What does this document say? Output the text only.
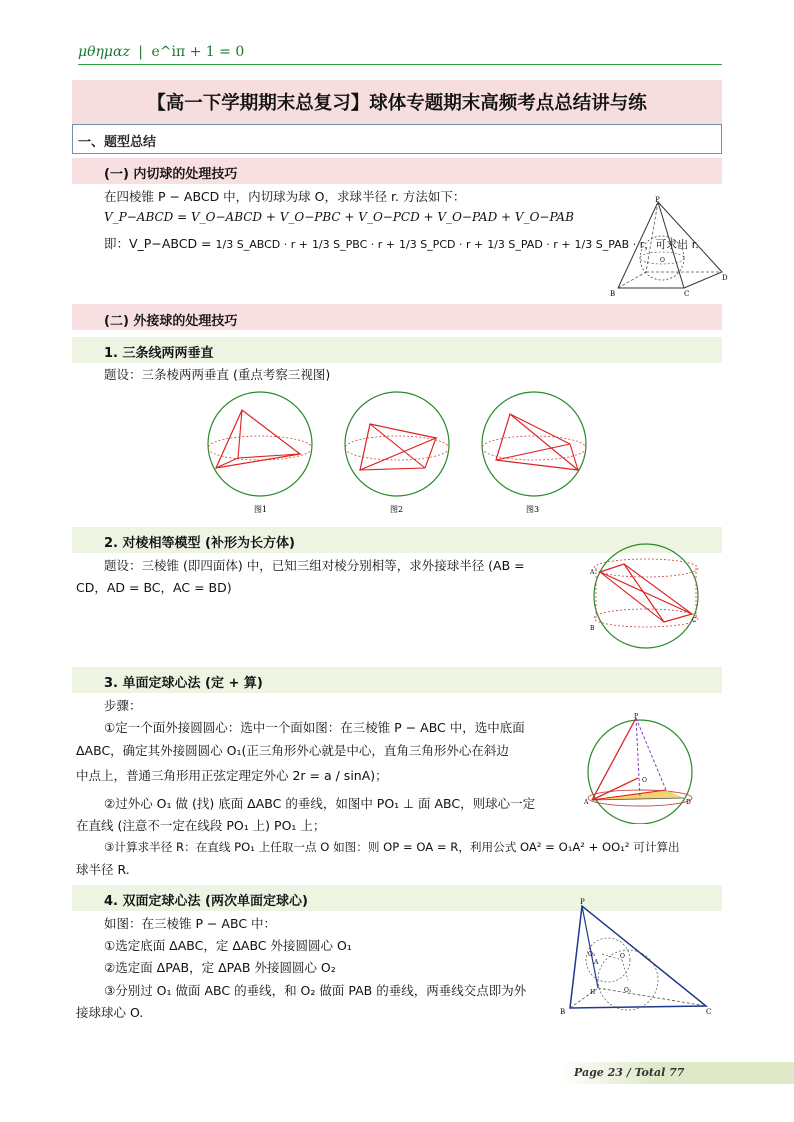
μθημαz | e^iπ + 1 = 0
【高一下学期期末总复习】球体专题期末高频考点总结讲与练
一、题型总结
(一) 内切球的处理技巧
在四棱锥 P − ABCD 中，内切球为球 O，求球半径 r. 方法如下：
V_P−ABCD = V_O−ABCD + V_O−PBC + V_O−PCD + V_O−PAD + V_O−PAB
即：V_P−ABCD = 1/3 S_ABCD · r + 1/3 S_PBC · r + 1/3 S_PCD · r + 1/3 S_PAD · r + 1/3 S_PAB · r，可求出 r.
P
B	C
D
O
(二) 外接球的处理技巧
1. 三条线两两垂直
题设：三条棱两两垂直 (重点考察三视图)
图1	图2	图3
2. 对棱相等模型 (补形为长方体)
题设：三棱锥 (即四面体) 中，已知三组对棱分别相等，求外接球半径 (AB =
CD，AD = BC，AC = BD)
A
B
C
3. 单面定球心法 (定 + 算)
步骤：
①定一个面外接圆圆心：选中一个面如图：在三棱锥 P − ABC 中，选中底面
ΔABC，确定其外接圆圆心 O₁(正三角形外心就是中心，直角三角形外心在斜边
中点上，普通三角形用正弦定理定外心 2r = a / sinA)；
②过外心 O₁ 做 (找) 底面 ΔABC 的垂线，如图中 PO₁ ⊥ 面 ABC，则球心一定
在直线 (注意不一定在线段 PO₁ 上) PO₁ 上；
③计算求半径 R：在直线 PO₁ 上任取一点 O 如图：则 OP = OA = R，利用公式 OA² = O₁A² + OO₁² 可计算出
球半径 R.
P
A
O
D
4. 双面定球心法 (两次单面定球心)
如图：在三棱锥 P − ABC 中：
①选定底面 ΔABC，定 ΔABC 外接圆圆心 O₁
②选定面 ΔPAB，定 ΔPAB 外接圆圆心 O₂
③分别过 O₁ 做面 ABC 的垂线，和 O₂ 做面 PAB 的垂线，两垂线交点即为外
接球球心 O.
P
B	C
H
A
O
O₁
O₂
Page 23 / Total 77
